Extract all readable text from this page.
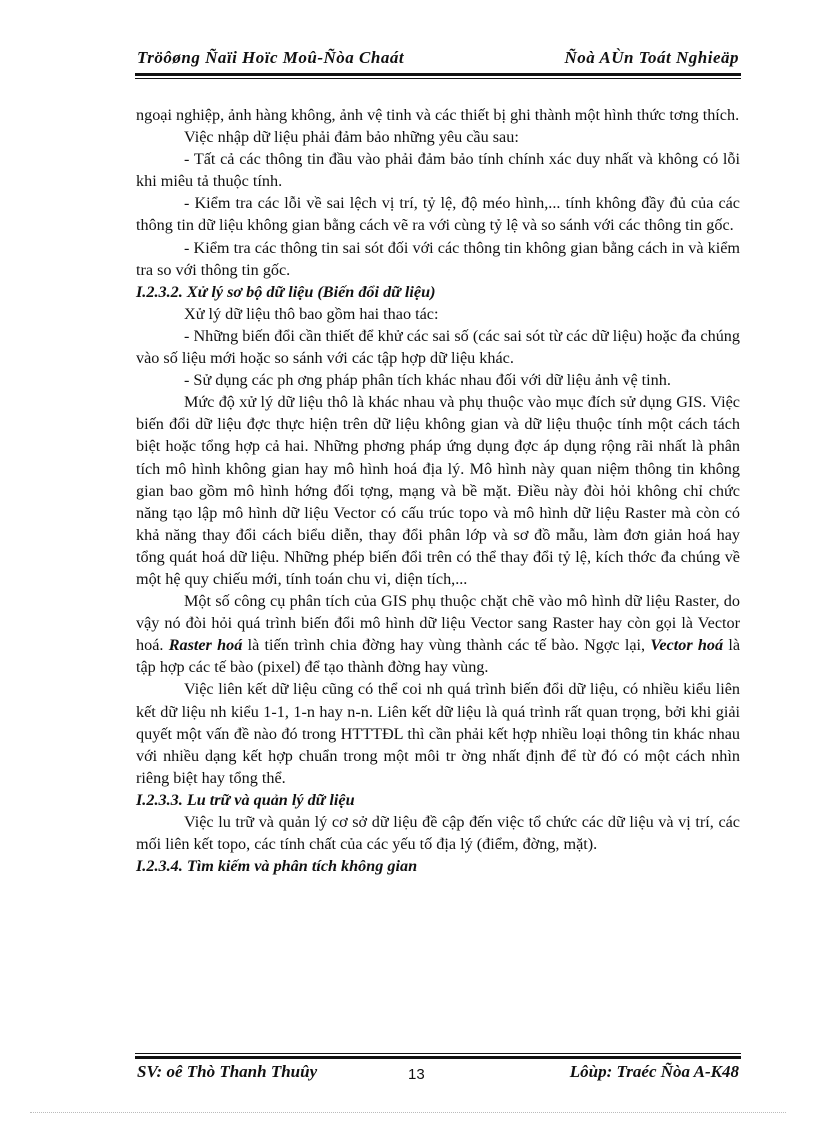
Tröôøng Ñaïi Hoïc Moû-Ñòa Chaát	Ñoà AÙn Toát Nghieäp

ngoại nghiệp, ảnh hàng không, ảnh vệ tinh và các thiết bị ghi thành một hình thức tơng thích.

Việc nhập dữ liệu phải đảm bảo những yêu cầu sau:

- Tất cả các thông tin đầu vào phải đảm bảo tính chính xác duy nhất và không có lỗi khi miêu tả thuộc tính.

- Kiểm tra các lỗi về sai lệch vị trí, tỷ lệ, độ méo hình,... tính không đầy đủ của các thông tin dữ liệu không gian bằng cách vẽ ra với cùng tỷ lệ và so sánh với các thông tin gốc.

- Kiểm tra các thông tin sai sót đối với các thông tin không gian bằng cách in và kiểm tra so với thông tin gốc.

I.2.3.2. Xử lý sơ bộ dữ liệu (Biến đổi dữ liệu)

Xử lý dữ liệu thô bao gồm hai thao tác:

- Những biến đổi cần thiết để khử các sai số (các sai sót từ các dữ liệu) hoặc đa chúng vào số liệu mới hoặc so sánh với các tập hợp dữ liệu khác.

- Sử dụng các ph ơng pháp phân tích khác nhau đối với dữ liệu ảnh vệ tinh.

Mức độ xử lý dữ liệu thô là khác nhau và phụ thuộc vào mục đích sử dụng GIS. Việc biến đổi dữ liệu đợc thực hiện trên dữ liệu không gian và dữ liệu thuộc tính một cách tách biệt hoặc tổng hợp cả hai. Những phơng pháp ứng dụng đợc áp dụng rộng rãi nhất là phân tích mô hình không gian hay mô hình hoá địa lý. Mô hình này quan niệm thông tin không gian bao gồm mô hình hớng đối tợng, mạng và bề mặt. Điều này đòi hỏi không chỉ chức năng tạo lập mô hình dữ liệu Vector có cấu trúc topo và mô hình dữ liệu Raster mà còn có khả năng thay đổi cách biểu diễn, thay đổi phân lớp và sơ đồ mẫu, làm đơn giản hoá hay tổng quát hoá dữ liệu. Những phép biến đổi trên có thể thay đổi tỷ lệ, kích thớc đa chúng về một hệ quy chiếu mới, tính toán chu vi, diện tích,...

Một số công cụ phân tích của GIS phụ thuộc chặt chẽ vào mô hình dữ liệu Raster, do vậy nó đòi hỏi quá trình biến đổi mô hình dữ liệu Vector sang Raster hay còn gọi là Vector hoá. Raster hoá là tiến trình chia đờng hay vùng thành các tế bào. Ngợc lại, Vector hoá là tập hợp các tế bào (pixel) để tạo thành đờng hay vùng.

Việc liên kết dữ liệu cũng có thể coi nh quá trình biến đổi dữ liệu, có nhiều kiểu liên kết dữ liệu nh kiểu 1-1, 1-n hay n-n. Liên kết dữ liệu là quá trình rất quan trọng, bởi khi giải quyết một vấn đề nào đó trong HTTTĐL thì cần phải kết hợp nhiều loại thông tin khác nhau với nhiều dạng kết hợp chuẩn trong một môi tr ờng nhất định để từ đó có một cách nhìn riêng biệt hay tổng thể.

I.2.3.3. Lu trữ và quản lý dữ liệu

Việc lu trữ và quản lý cơ sở dữ liệu đề cập đến việc tổ chức các dữ liệu và vị trí, các mối liên kết topo, các tính chất của các yếu tố địa lý (điểm, đờng, mặt).

I.2.3.4. Tìm kiếm và phân tích không gian
SV: oê Thò Thanh Thuûy	13	Lôùp: Traéc Ñòa A-K48
